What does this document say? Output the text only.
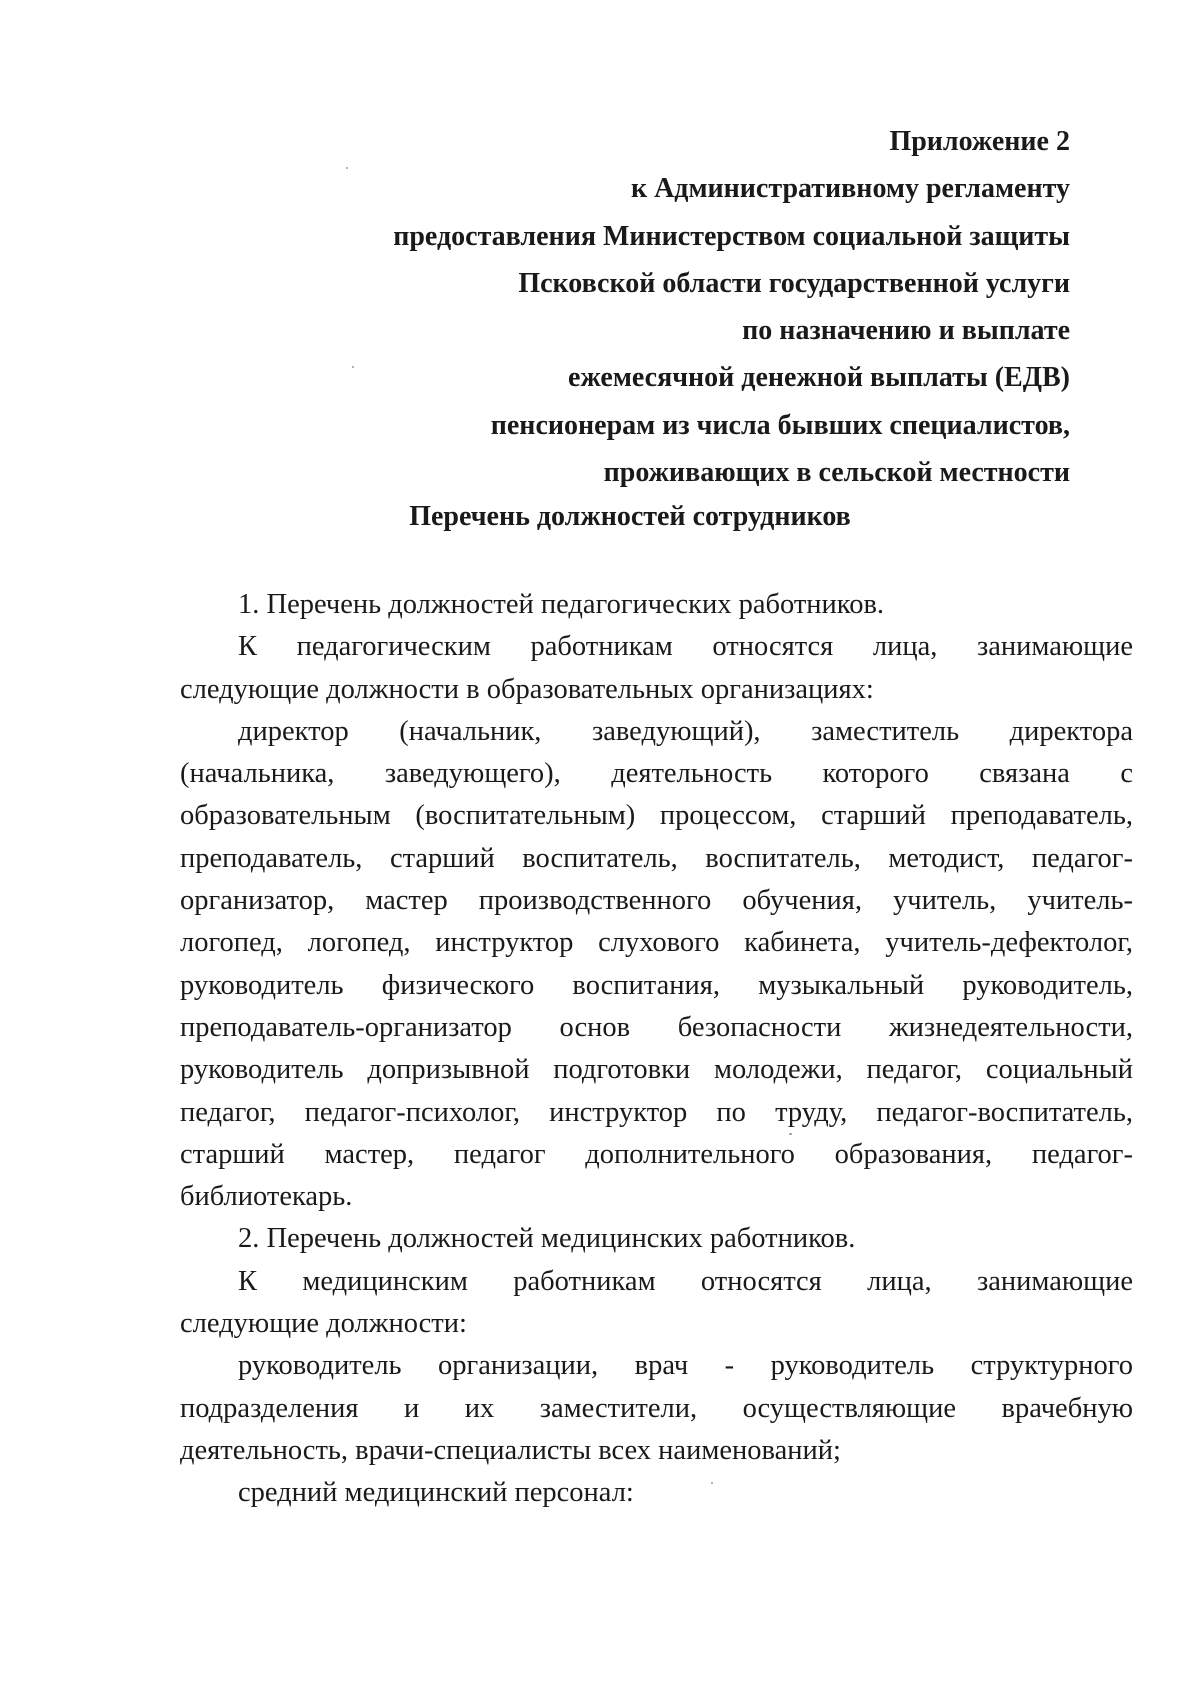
Приложение 2
к Административному регламенту
предоставления Министерством социальной защиты
Псковской области государственной услуги
по назначению и выплате
ежемесячной денежной выплаты (ЕДВ)
пенсионерам из числа бывших специалистов,
проживающих в сельской местности
Перечень должностей сотрудников
1. Перечень должностей педагогических работников.
К педагогическим работникам относятся лица, занимающие
следующие должности в образовательных организациях:
директор (начальник, заведующий), заместитель директора
(начальника, заведующего), деятельность которого связана с
образовательным (воспитательным) процессом, старший преподаватель,
преподаватель, старший воспитатель, воспитатель, методист, педагог-
организатор, мастер производственного обучения, учитель, учитель-
логопед, логопед, инструктор слухового кабинета, учитель-дефектолог,
руководитель физического воспитания, музыкальный руководитель,
преподаватель-организатор основ безопасности жизнедеятельности,
руководитель допризывной подготовки молодежи, педагог, социальный
педагог, педагог-психолог, инструктор по труду, педагог-воспитатель,
старший мастер, педагог дополнительного образования, педагог-
библиотекарь.
2. Перечень должностей медицинских работников.
К медицинским работникам относятся лица, занимающие
следующие должности:
руководитель организации, врач - руководитель структурного
подразделения и их заместители, осуществляющие врачебную
деятельность, врачи-специалисты всех наименований;
средний медицинский персонал:
